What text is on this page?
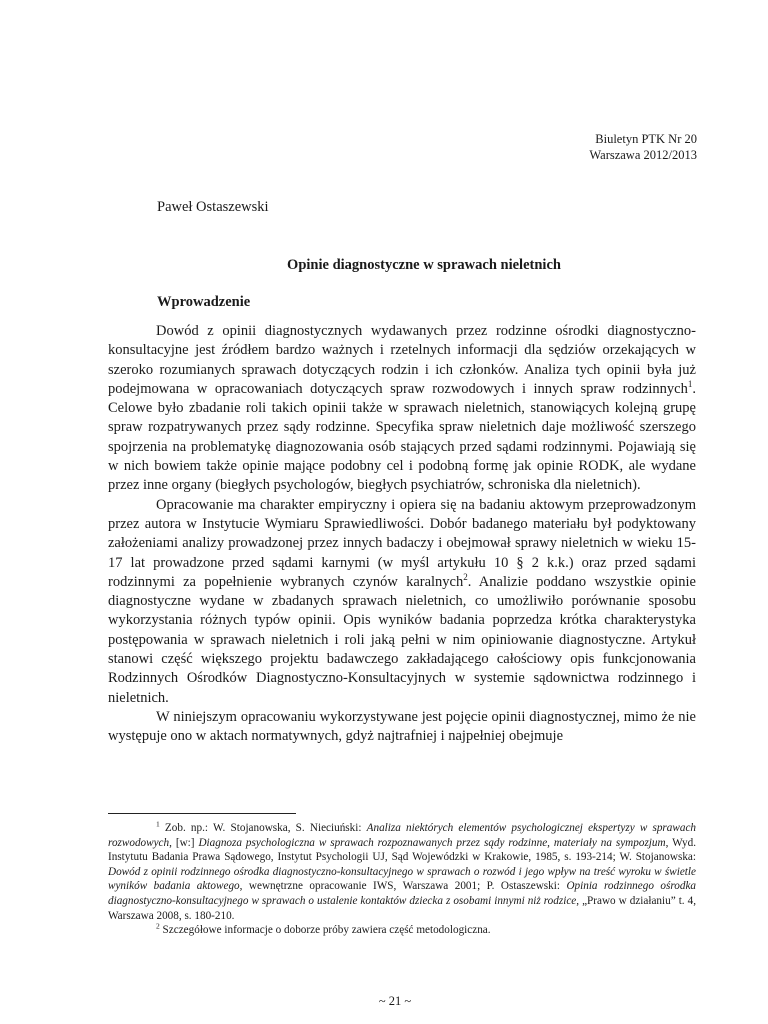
Biuletyn PTK Nr 20
Warszawa 2012/2013
Paweł Ostaszewski
Opinie diagnostyczne w sprawach nieletnich
Wprowadzenie

Dowód z opinii diagnostycznych wydawanych przez rodzinne ośrodki diagnostyczno-konsultacyjne jest źródłem bardzo ważnych i rzetelnych informacji dla sędziów orzekających w szeroko rozumianych sprawach dotyczących rodzin i ich członków. Analiza tych opinii była już podejmowana w opracowaniach dotyczących spraw rozwodowych i innych spraw rodzinnych$^1$. Celowe było zbadanie roli takich opinii także w sprawach nieletnich, stanowiących kolejną grupę spraw rozpatrywanych przez sądy rodzinne. Specyfika spraw nieletnich daje możliwość szerszego spojrzenia na problematykę diagnozowania osób stających przed sądami rodzinnymi. Pojawiają się w nich bowiem także opinie mające podobny cel i podobną formę jak opinie RODK, ale wydane przez inne organy (biegłych psychologów, biegłych psychiatrów, schroniska dla nieletnich).

Opracowanie ma charakter empiryczny i opiera się na badaniu aktowym przeprowadzonym przez autora w Instytucie Wymiaru Sprawiedliwości. Dobór badanego materiału był podyktowany założeniami analizy prowadzonej przez innych badaczy i obejmował sprawy nieletnich w wieku 15-17 lat prowadzone przed sądami karnymi (w myśl artykułu 10 § 2 k.k.) oraz przed sądami rodzinnymi za popełnienie wybranych czynów karalnych$^2$. Analizie poddano wszystkie opinie diagnostyczne wydane w zbadanych sprawach nieletnich, co umożliwiło porównanie sposobu wykorzystania różnych typów opinii. Opis wyników badania poprzedza krótka charakterystyka postępowania w sprawach nieletnich i roli jaką pełni w nim opiniowanie diagnostyczne. Artykuł stanowi część większego projektu badawczego zakładającego całościowy opis funkcjonowania Rodzinnych Ośrodków Diagnostyczno-Konsultacyjnych w systemie sądownictwa rodzinnego i nieletnich.

W niniejszym opracowaniu wykorzystywane jest pojęcie opinii diagnostycznej, mimo że nie występuje ono w aktach normatywnych, gdyż najtrafniej i najpełniej obejmuje

$^1$ Zob. np.: W. Stojanowska, S. Nieciuński: Analiza niektórych elementów psychologicznej ekspertyzy w sprawach rozwodowych, [w:] Diagnoza psychologiczna w sprawach rozpoznawanych przez sądy rodzinne, materiały na sympozjum, Wyd. Instytutu Badania Prawa Sądowego, Instytut Psychologii UJ, Sąd Wojewódzki w Krakowie, 1985, s. 193-214; W. Stojanowska: Dowód z opinii rodzinnego ośrodka diagnostyczno-konsultacyjnego w sprawach o rozwód i jego wpływ na treść wyroku w świetle wyników badania aktowego, wewnętrzne opracowanie IWS, Warszawa 2001; P. Ostaszewski: Opinia rodzinnego ośrodka diagnostyczno-konsultacyjnego w sprawach o ustalenie kontaktów dziecka z osobami innymi niż rodzice, „Prawo w działaniu” t. 4, Warszawa 2008, s. 180-210.

$^2$ Szczegółowe informacje o doborze próby zawiera część metodologiczna.

~ 21 ~
